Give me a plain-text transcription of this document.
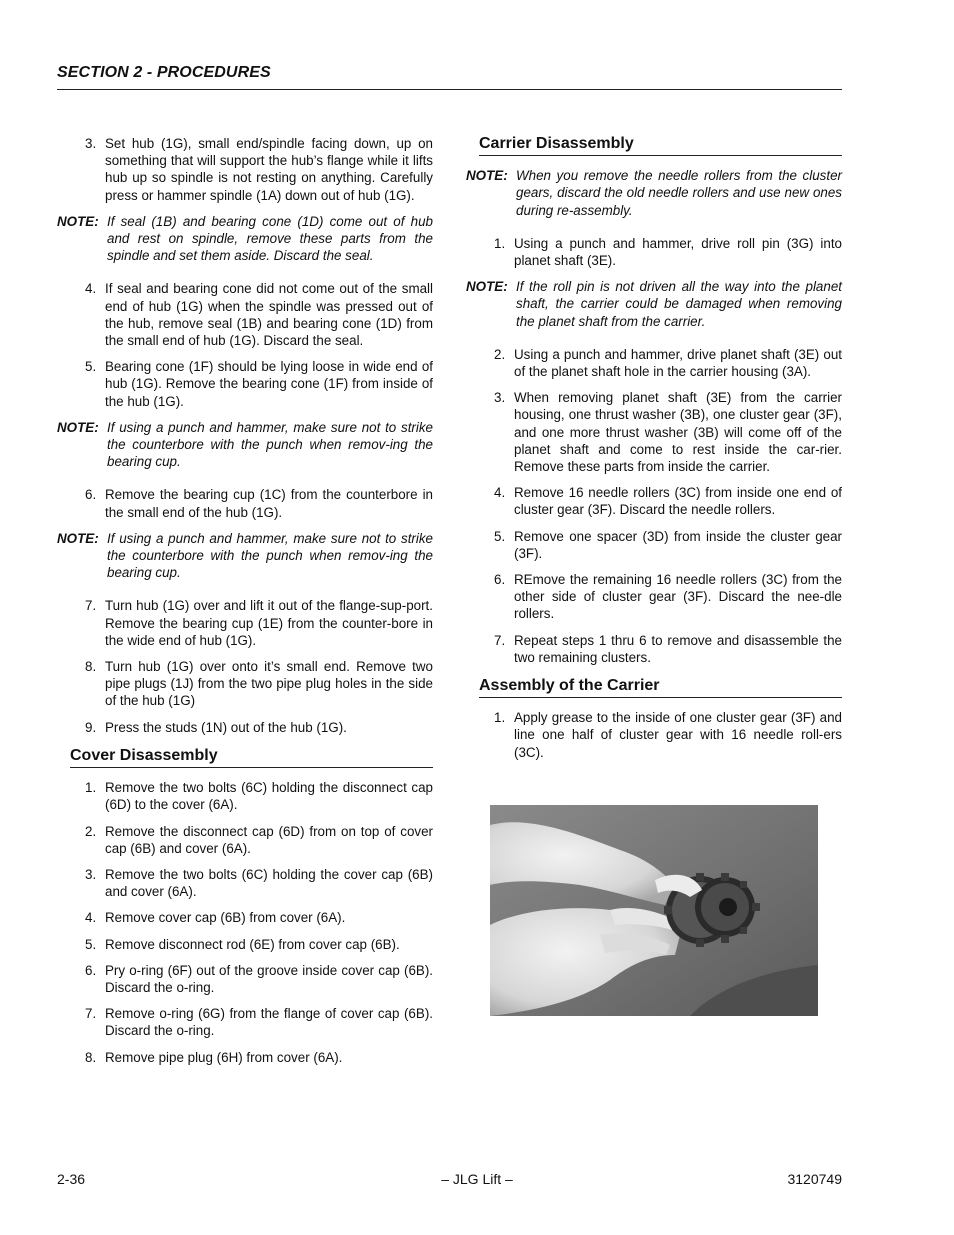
SECTION 2 - PROCEDURES
3. Set hub (1G), small end/spindle facing down, up on something that will support the hub’s flange while it lifts hub up so spindle is not resting on anything. Carefully press or hammer spindle (1A) down out of hub (1G).
NOTE: If seal (1B) and bearing cone (1D) come out of hub and rest on spindle, remove these parts from the spindle and set them aside. Discard the seal.
4. If seal and bearing cone did not come out of the small end of hub (1G) when the spindle was pressed out of the hub, remove seal (1B) and bearing cone (1D) from the small end of hub (1G). Discard the seal.
5. Bearing cone (1F) should be lying loose in wide end of hub (1G). Remove the bearing cone (1F) from inside of the hub (1G).
NOTE: If using a punch and hammer, make sure not to strike the counterbore with the punch when remov-ing the bearing cup.
6. Remove the bearing cup (1C) from the counterbore in the small end of the hub (1G).
NOTE: If using a punch and hammer, make sure not to strike the counterbore with the punch when remov-ing the bearing cup.
7. Turn hub (1G) over and lift it out of the flange-sup-port. Remove the bearing cup (1E) from the counter-bore in the wide end of hub (1G).
8. Turn hub (1G) over onto it’s small end. Remove two pipe plugs (1J) from the two pipe plug holes in the side of the hub (1G)
9. Press the studs (1N) out of the hub (1G).
Cover Disassembly
1. Remove the two bolts (6C) holding the disconnect cap (6D) to the cover (6A).
2. Remove the disconnect cap (6D) from on top of cover cap (6B) and cover (6A).
3. Remove the two bolts (6C) holding the cover cap (6B) and cover (6A).
4. Remove cover cap (6B) from cover (6A).
5. Remove disconnect rod (6E) from cover cap (6B).
6. Pry o-ring (6F) out of the groove inside cover cap (6B). Discard the o-ring.
7. Remove o-ring (6G) from the flange of cover cap (6B). Discard the o-ring.
8. Remove pipe plug (6H) from cover (6A).
Carrier Disassembly
NOTE: When you remove the needle rollers from the cluster gears, discard the old needle rollers and use new ones during re-assembly.
1. Using a punch and hammer, drive roll pin (3G) into planet shaft (3E).
NOTE: If the roll pin is not driven all the way into the planet shaft, the carrier could be damaged when removing the planet shaft from the carrier.
2. Using a punch and hammer, drive planet shaft (3E) out of the planet shaft hole in the carrier housing (3A).
3. When removing planet shaft (3E) from the carrier housing, one thrust washer (3B), one cluster gear (3F), and one more thrust washer (3B) will come off of the planet shaft and come to rest inside the car-rier. Remove these parts from inside the carrier.
4. Remove 16 needle rollers (3C) from inside one end of cluster gear (3F). Discard the needle rollers.
5. Remove one spacer (3D) from inside the cluster gear (3F).
6. REmove the remaining 16 needle rollers (3C) from the other side of cluster gear (3F). Discard the nee-dle rollers.
7. Repeat steps 1 thru 6 to remove and disassemble the two remaining clusters.
Assembly of the Carrier
1. Apply grease to the inside of one cluster gear (3F) and line one half of cluster gear with 16 needle roll-ers (3C).
2-36	– JLG Lift –	3120749
